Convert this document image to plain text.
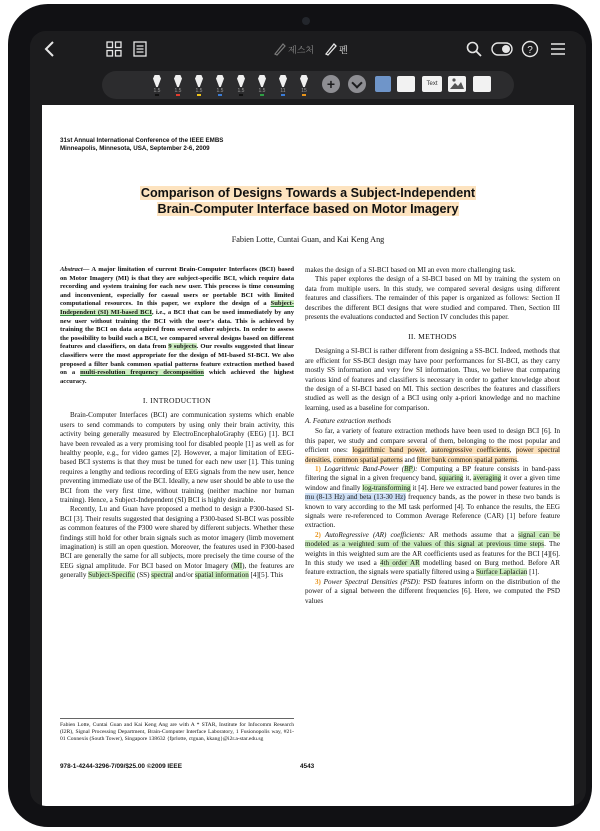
제스처	펜	?
1.5	1.5	1.5	1.5	1.5	1.5	11	15	+	Text
31st Annual International Conference of the IEEE EMBS
Minneapolis, Minnesota, USA, September 2-6, 2009
Comparison of Designs Towards a Subject-Independent
Brain-Computer Interface based on Motor Imagery
Fabien Lotte, Cuntai Guan, and Kai Keng Ang
Abstract— A major limitation of current Brain-Computer Interfaces (BCI) based on Motor Imagery (MI) is that they are subject-specific BCI, which require data recording and system training for each new user. This process is time consuming and inconvenient, especially for casual users or portable BCI with limited computational resources. In this paper, we explore the design of a Subject-Independent (SI) MI-based BCI, i.e., a BCI that can be used immediately by any new user without training the BCI with the user's data. This is achieved by training the BCI on data acquired from several other subjects. In order to assess the possibility to build such a BCI, we compared several designs based on different features and classifiers, on data from 9 subjects. Our results suggested that linear classifiers were the most appropriate for the design of MI-based SI-BCI. We also proposed a filter bank common spatial patterns feature extraction method based on a multi-resolution frequency decomposition which achieved the highest accuracy.
I. INTRODUCTION

Brain-Computer Interfaces (BCI) are communication systems which enable users to send commands to computers by using only their brain activity, this activity being generally measured by ElectroEncephaloGraphy (EEG) [1]. BCI have been revealed as a very promising tool for disabled people [1] as well as for healthy people, e.g., for video games [2]. However, a major limitation of EEG-based BCI systems is that they must be tuned for each new user [1]. This tuning requires a lengthy and tedious recording of EEG signals from the new user, hence preventing immediate use of the BCI. Ideally, a new user should be able to use the BCI from the very first time, without training (neither machine nor human training). Hence, a Subject-Independent (SI) BCI is highly desirable.

Recently, Lu and Guan have proposed a method to design a P300-based SI-BCI [3]. Their results suggested that designing a P300-based SI-BCI was possible as common features of the P300 were shared by different subjects. Whether these findings still hold for other brain signals such as motor imagery (limb movement imagination) is still an open question. Moreover, the features used in P300-based BCI are generally the same for all subjects, more precisely the time course of the EEG signal amplitude. For BCI based on Motor Imagery (MI), the features are generally Subject-Specific (SS) spectral and/or spatial information [4][5]. This

Fabien Lotte, Cuntai Guan and Kai Keng Ang are with A * STAR, Institute for Infocomm Research (I2R), Signal Processing Department, Brain-Computer Interface Laboratory, 1 Fusionopolis way, #21-01 Connexis (South Tower), Singapore 138632 {fprlotte, ctguan, kkang}@i2r.a-star.edu.sg
978-1-4244-3296-7/09/$25.00 ©2009 IEEE	4543
makes the design of a SI-BCI based on MI an even more challenging task.

This paper explores the design of a SI-BCI based on MI by training the system on data from multiple users. In this study, we compared several designs using different features and classifiers. The remainder of this paper is organized as follows: Section II describes the different BCI designs that were studied and compared. Then, Section III presents the evaluations conducted and Section IV concludes this paper.

II. METHODS

Designing a SI-BCI is rather different from designing a SS-BCI. Indeed, methods that are efficient for SS-BCI design may have poor performances for SI-BCI, as they carry mostly SS information and very few SI information. Thus, we believe that comparing various kind of features and classifiers is necessary in order to gather knowledge about the design of a SI-BCI based on MI. This section describes the features and classifiers studied as well as the design of a BCI using only a-priori knowledge and no machine learning, used as a baseline for comparison.

A. Feature extraction methods

So far, a variety of feature extraction methods have been used to design BCI [6]. In this paper, we study and compare several of them, belonging to the most popular and efficient ones: logarithmic band power, autoregressive coefficients, power spectral densities, common spatial patterns and filter bank common spatial patterns.

1) Logarithmic Band-Power (BP): Computing a BP feature consists in band-pass filtering the signal in a given frequency band, squaring it, averaging it over a given time window and finally log-transforming it [4]. Here we extracted band power features in the mu (8-13 Hz) and beta (13-30 Hz) frequency bands, as the power in these two bands is known to vary according to the MI task performed [4]. To enhance the results, the EEG signals were re-referenced to Common Average Reference (CAR) [1] before feature extraction.

2) AutoRegressive (AR) coefficients: AR methods assume that a signal can be modeled as a weighted sum of the values of this signal at previous time steps. The weights in this weighted sum are the AR coefficients used as features for the BCI [4][6]. In this study we used a 4th order AR modelling based on Burg method. Before AR feature extraction, the signals were spatially filtered using a Surface Laplacian [1].

3) Power Spectral Densities (PSD): PSD features inform on the distribution of the power of a signal between the different frequencies [6]. Here, we computed the PSD values
